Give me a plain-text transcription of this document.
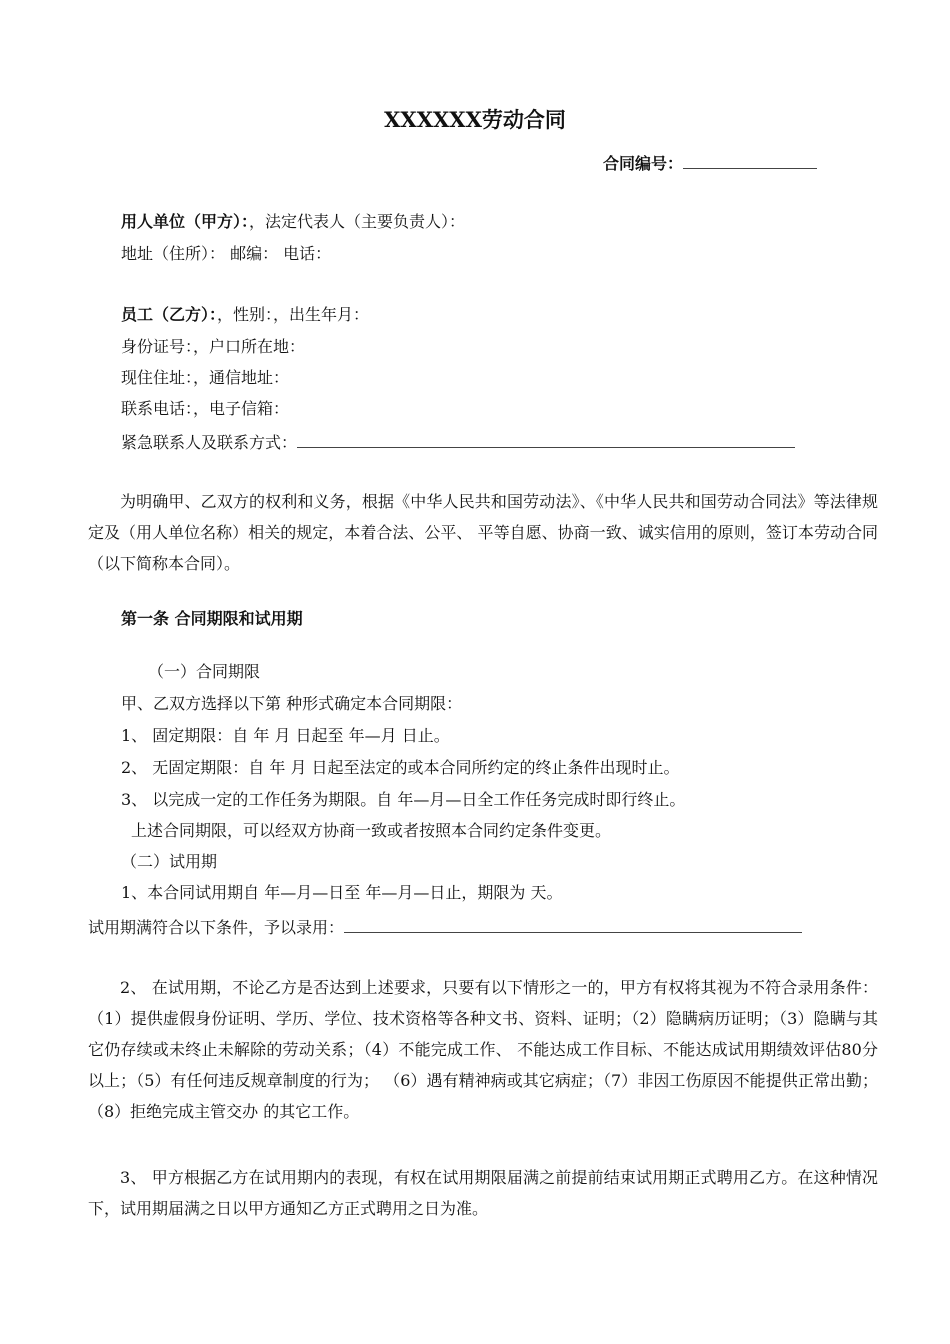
XXXXXX劳动合同
合同编号：
用人单位（甲方）：，法定代表人（主要负责人）：
地址（住所）： 邮编： 电话：
员工（乙方）：，性别：，出生年月：
身份证号：，户口所在地：
现住住址：，通信地址：
联系电话：，电子信箱：
紧急联系人及联系方式：
为明确甲、乙双方的权利和义务，根据《中华人民共和国劳动法》、《中华人民共和国劳动合同法》等法律规定及（用人单位名称）相关的规定，本着合法、公平、 平等自愿、协商一致、诚实信用的原则，签订本劳动合同（以下简称本合同）。
第一条 合同期限和试用期
（一）合同期限
甲、乙双方选择以下第 种形式确定本合同期限：
1、 固定期限：自 年 月 日起至 年—月 日止。
2、 无固定期限：自 年 月 日起至法定的或本合同所约定的终止条件出现时止。
3、 以完成一定的工作任务为期限。自 年—月—日全工作任务完成时即行终止。
上述合同期限，可以经双方协商一致或者按照本合同约定条件变更。
（二）试用期
1、本合同试用期自 年—月—日至 年—月—日止，期限为 天。
试用期满符合以下条件，予以录用：
2、 在试用期，不论乙方是否达到上述要求，只要有以下情形之一的，甲方有权将其视为不符合录用条件：（1）提供虚假身份证明、学历、学位、技术资格等各种文书、资料、证明；（2）隐瞒病历证明；（3）隐瞒与其它仍存续或未终止未解除的劳动关系；（4）不能完成工作、 不能达成工作目标、不能达成试用期绩效评估80分以上；（5）有任何违反规章制度的行为； （6）遇有精神病或其它病症；（7）非因工伤原因不能提供正常出勤；（8）拒绝完成主管交办 的其它工作。
3、 甲方根据乙方在试用期内的表现，有权在试用期限届满之前提前结束试用期正式聘用乙方。在这种情况下，试用期届满之日以甲方通知乙方正式聘用之日为准。
